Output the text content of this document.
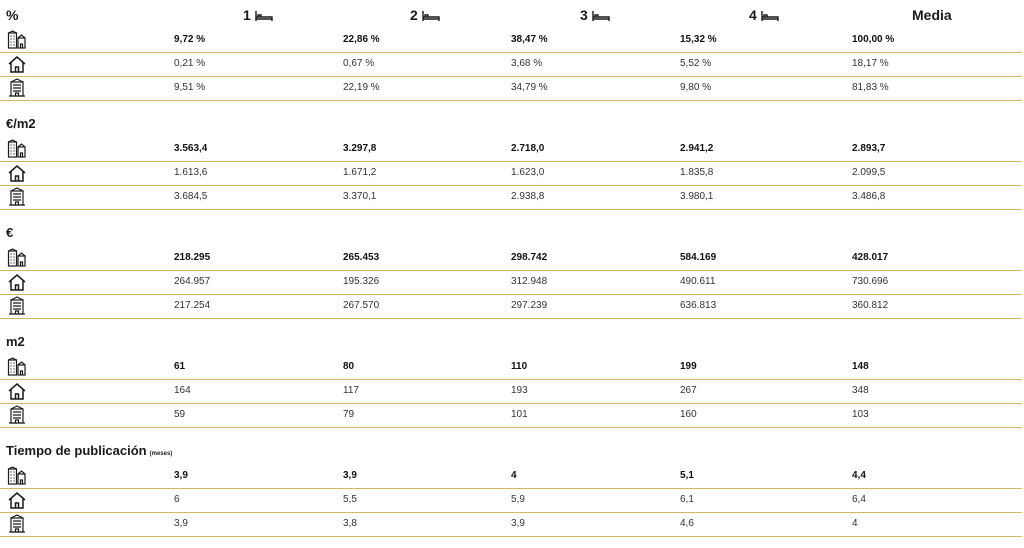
%	1	2	3	4	Media
9,72 %	22,86 %	38,47 %	15,32 %	100,00 %
0,21 %	0,67 %	3,68 %	5,52 %	18,17 %
9,51 %	22,19 %	34,79 %	9,80 %	81,83 %
€/m2
3.563,4	3.297,8	2.718,0	2.941,2	2.893,7
1.613,6	1.671,2	1.623,0	1.835,8	2.099,5
3.684,5	3.370,1	2.938,8	3.980,1	3.486,8
€
218.295	265.453	298.742	584.169	428.017
264.957	195.326	312.948	490.611	730.696
217.254	267.570	297.239	636.813	360.812
m2
61	80	110	199	148
164	117	193	267	348
59	79	101	160	103
Tiempo de publicación (meses)
3,9	3,9	4	5,1	4,4
6	5,5	5,9	6,1	6,4
3,9	3,8	3,9	4,6	4
